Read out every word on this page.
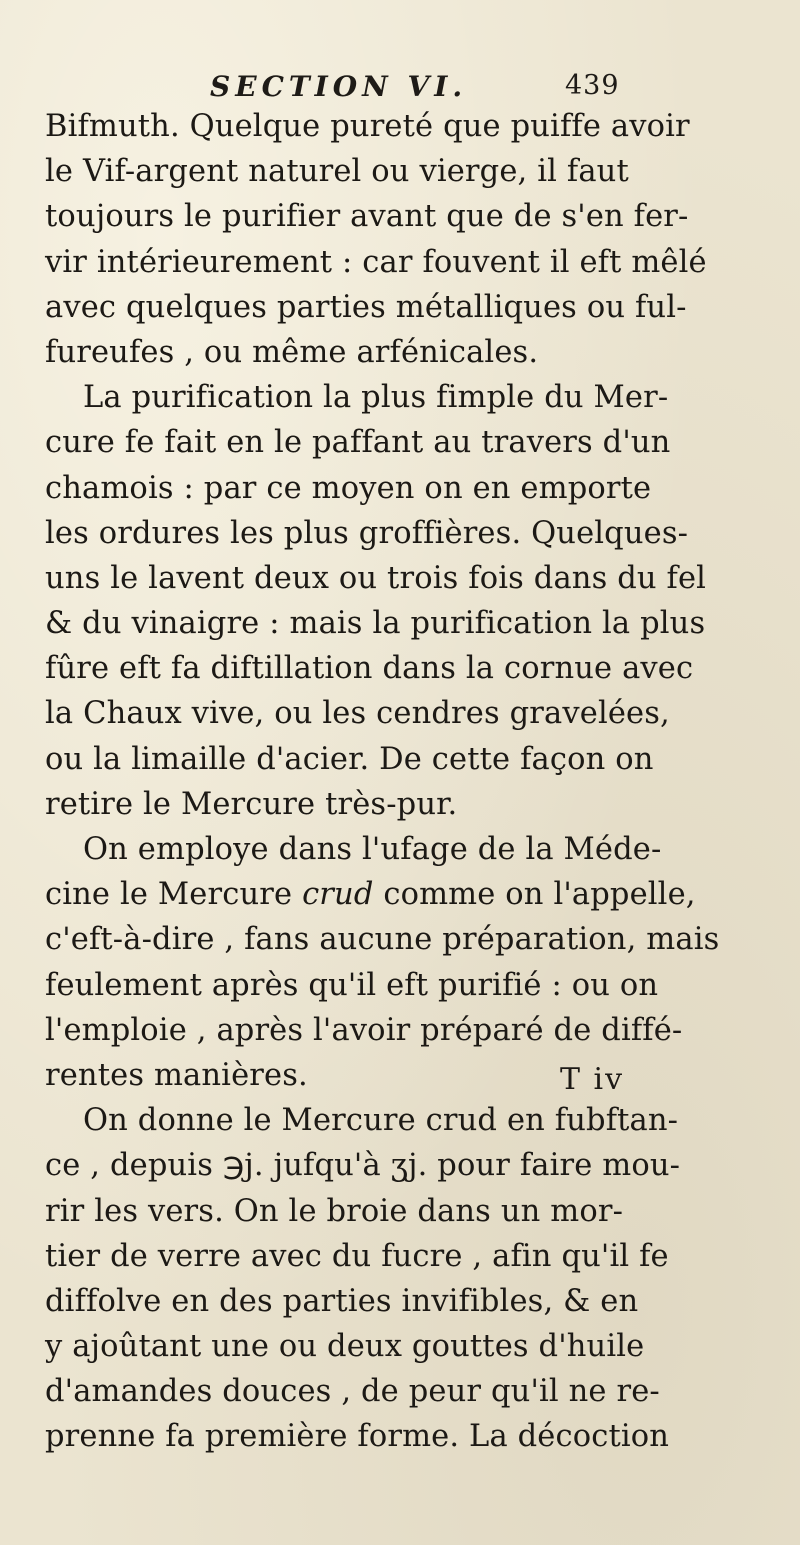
SECTION VI.	439
Bifmuth. Quelque pureté que puiffe avoir
le Vif-argent naturel ou vierge, il faut
toujours le purifier avant que de s'en fer-
vir intérieurement : car fouvent il eft mêlé
avec quelques parties métalliques ou ful-
fureufes , ou même arfénicales.
La purification la plus fimple du Mer-
cure fe fait en le paffant au travers d'un
chamois : par ce moyen on en emporte
les ordures les plus groffières. Quelques-
uns le lavent deux ou trois fois dans du fel
& du vinaigre : mais la purification la plus
fûre eft fa diftillation dans la cornue avec
la Chaux vive, ou les cendres gravelées,
ou la limaille d'acier. De cette façon on
retire le Mercure très-pur.
On employe dans l'ufage de la Méde-
cine le Mercure crud comme on l'appelle,
c'eft-à-dire , fans aucune préparation, mais
feulement après qu'il eft purifié : ou on
l'emploie , après l'avoir préparé de diffé-
rentes manières.
On donne le Mercure crud en fubftan-
ce , depuis ℈j. jufqu'à ʒj. pour faire mou-
rir les vers. On le broie dans un mor-
tier de verre avec du fucre , afin qu'il fe
diffolve en des parties invifibles, & en
y ajoûtant une ou deux gouttes d'huile
d'amandes douces , de peur qu'il ne re-
prenne fa première forme. La décoction
T iv
